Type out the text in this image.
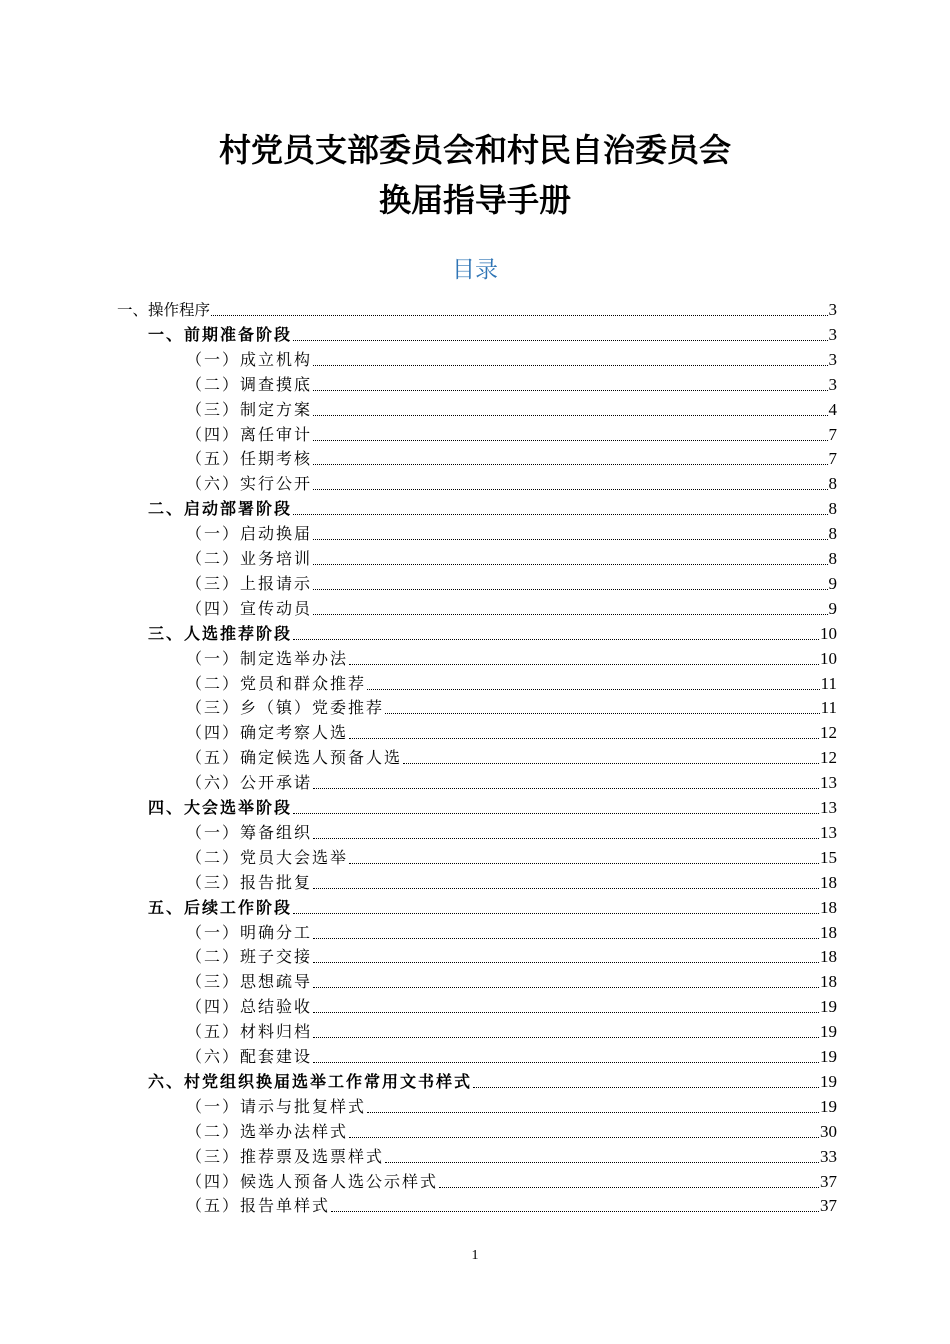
村党员支部委员会和村民自治委员会
换届指导手册
目录
一、操作程序	3
一、前期准备阶段	3
（一）成立机构	3
（二）调查摸底	3
（三）制定方案	4
（四）离任审计	7
（五）任期考核	7
（六）实行公开	8
二、启动部署阶段	8
（一）启动换届	8
（二）业务培训	8
（三）上报请示	9
（四）宣传动员	9
三、人选推荐阶段	10
（一）制定选举办法	10
（二）党员和群众推荐	11
（三）乡（镇）党委推荐	11
（四）确定考察人选	12
（五）确定候选人预备人选	12
（六）公开承诺	13
四、大会选举阶段	13
（一）筹备组织	13
（二）党员大会选举	15
（三）报告批复	18
五、后续工作阶段	18
（一）明确分工	18
（二）班子交接	18
（三）思想疏导	18
（四）总结验收	19
（五）材料归档	19
（六）配套建设	19
六、村党组织换届选举工作常用文书样式	19
（一）请示与批复样式	19
（二）选举办法样式	30
（三）推荐票及选票样式	33
（四）候选人预备人选公示样式	37
（五）报告单样式	37
1
